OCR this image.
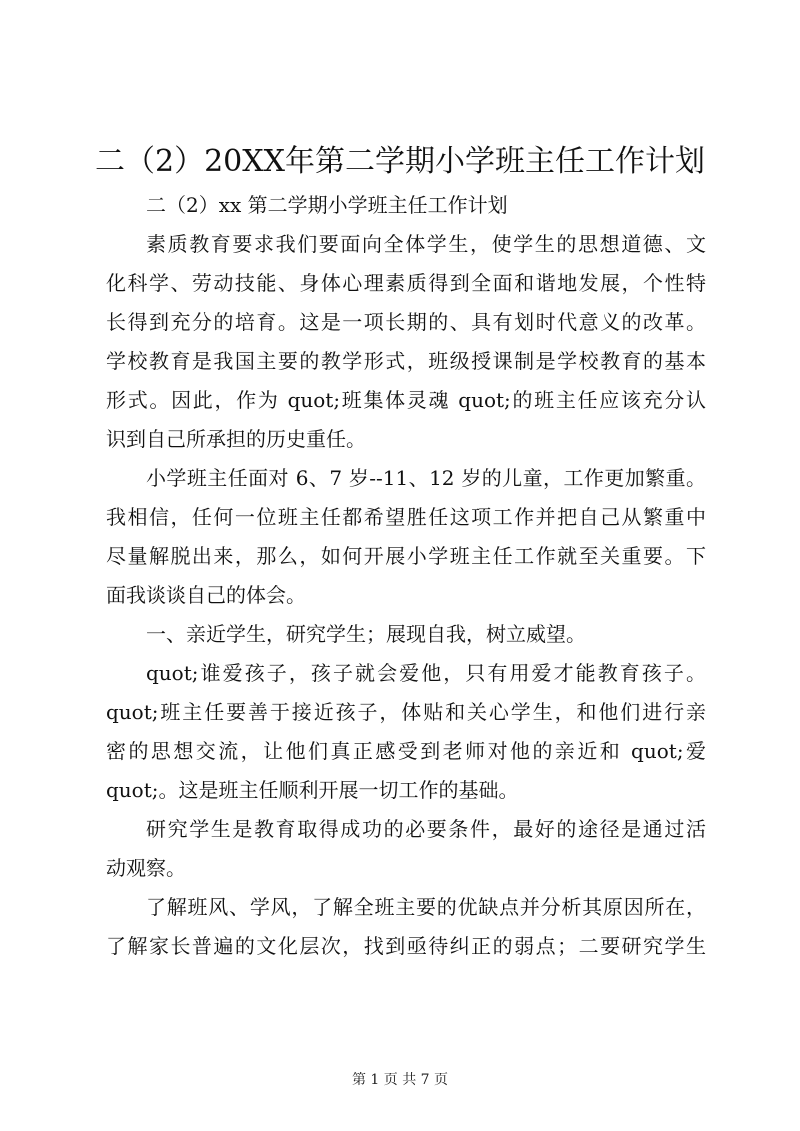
二（2）20XX年第二学期小学班主任工作计划
二（2）xx 第二学期小学班主任工作计划
素质教育要求我们要面向全体学生，使学生的思想道德、文
化科学、劳动技能、身体心理素质得到全面和谐地发展，个性特
长得到充分的培育。这是一项长期的、具有划时代意义的改革。
学校教育是我国主要的教学形式，班级授课制是学校教育的基本
形式。因此，作为 quot;班集体灵魂 quot;的班主任应该充分认
识到自己所承担的历史重任。
小学班主任面对 6、7 岁--11、12 岁的儿童，工作更加繁重。
我相信，任何一位班主任都希望胜任这项工作并把自己从繁重中
尽量解脱出来，那么，如何开展小学班主任工作就至关重要。下
面我谈谈自己的体会。
一、亲近学生，研究学生；展现自我，树立威望。
quot;谁爱孩子，孩子就会爱他，只有用爱才能教育孩子。
quot;班主任要善于接近孩子，体贴和关心学生，和他们进行亲
密的思想交流，让他们真正感受到老师对他的亲近和 quot;爱
quot;。这是班主任顺利开展一切工作的基础。
研究学生是教育取得成功的必要条件，最好的途径是通过活
动观察。
了解班风、学风，了解全班主要的优缺点并分析其原因所在，
了解家长普遍的文化层次，找到亟待纠正的弱点；二要研究学生
第 1 页 共 7 页
